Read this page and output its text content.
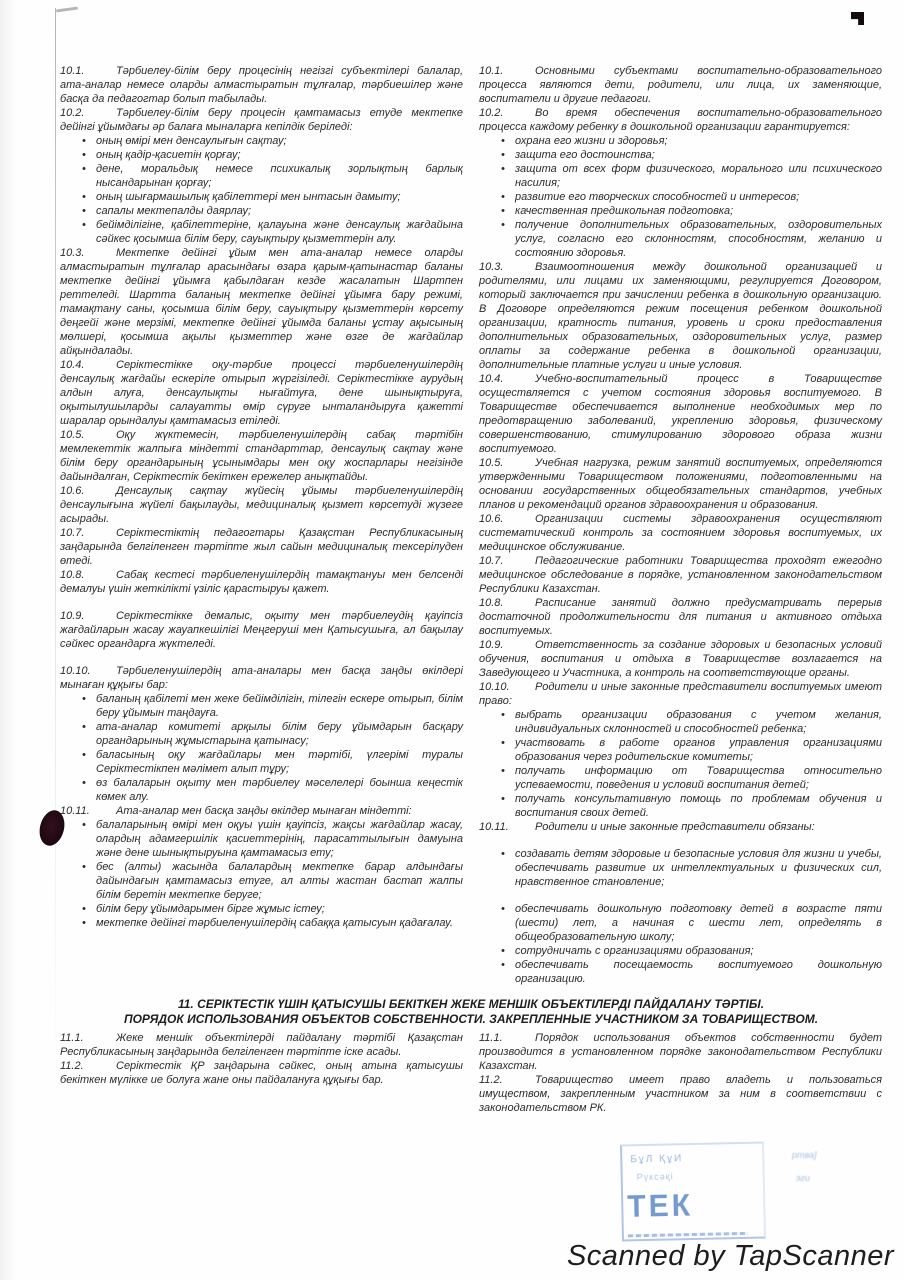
10.1.	Тәрбиелеу-білім беру процесінің негізгі субъектілері балалар, ата-аналар немесе оларды алмастыратын тұлғалар, тәрбиешілер және басқа да педагогтар болып табылады.

10.2.	Тәрбиелеу-білім беру процесін қамтамасыз етуде мектепке дейінгі ұйымдағы әр балаға мыналарға кепілдік беріледі:

• оның өмірі мен денсаулығын сақтау;
• оның қадір-қасиетін қорғау;
• дене, моральдық немесе психикалық зорлықтың барлық нысандарынан қорғау;
• оның шығармашылық қабілеттері мен ынтасын дамыту;
• сапалы мектепалды даярлау;
• бейімділігіне, қабілеттеріне, қалауына және денсаулық жағдайына сәйкес қосымша білім беру, сауықтыру қызметтерін алу.

10.3.	Мектепке дейінгі ұйым мен ата-аналар немесе оларды алмастыратын тұлғалар арасындағы өзара қарым-қатынастар баланы мектепке дейінгі ұйымға қабылдаған кезде жасалатын Шартпен реттеледі. Шартта баланың мектепке дейінгі ұйымға бару режимі, тамақтану саны, қосымша білім беру, сауықтыру қызметтерін көрсету деңгейі және мерзімі, мектепке дейінгі ұйымда баланы ұстау ақысының мөлшері, қосымша ақылы қызметтер және өзге де жағдайлар айқындалады.

10.4.	Серіктестікке оқу-тәрбие процессі тәрбиеленушілердің денсаулық жағдайы ескеріле отырып жүргізіледі. Серіктестікке аурудың алдын алуға, денсаулықты нығайтуға, дене шынықтыруға, оқытылушыларды салауатты өмір сүруге ынталандыруға қажетті шаралар орындалуы қамтамасыз етіледі.

10.5.	Оқу жүктемесін, тәрбиеленушілердің сабақ тәртібін мемлекеттік жалпыға міндетті стандарттар, денсаулық сақтау және білім беру органдарының ұсынымдары мен оқу жоспарлары негізінде дайындалған, Серіктестік бекіткен ережелер анықтайды.

10.6.	Денсаулық сақтау жүйесің ұйымы тәрбиеленушілердің денсаулығына жүйелі бақылауды, медициналық қызмет көрсетуді жүзеге асырады.

10.7.	Серіктестіктің педагогтары Қазақстан Республикасының заңдарында белгіленген тәртіпте жыл сайын медициналық тексерілуден өтеді.

10.8.	Сабақ кестесі тәрбиеленушілердің тамақтануы мен белсенді демалуы үшін жеткілікті үзіліс қарастыруы қажет.

10.9.	Серіктестікке демалыс, оқыту мен тәрбиелеудің қауіпсіз жағдайларын жасау жауапкешілігі Меңгеруші мен Қатысушыға, ал бақылау сәйкес органдарға жүктеледі.

10.10. Тәрбиеленушілердің ата-аналары мен басқа заңды өкілдері мынаған құқығы бар:

• баланың қабілеті мен жеке бейімділігін, тілегін ескере отырып, білім беру ұйымын таңдауға.
• ата-аналар комитеті арқылы білім беру ұйымдарын басқару органдарының жұмыстарына қатынасу;
• баласының оқу жағдайлары мен тәртібі, үлгерімі туралы Серіктестікпен мәлімет алып тұру;
• өз балаларын оқыту мен тәрбиелеу мәселелері боынша кеңестік көмек алу.

10.11. Ата-аналар мен басқа заңды өкілдер мынаған міндетті:

• балаларының өмірі мен оқуы үшін қауіпсіз, жақсы жағдайлар жасау, олардың адамгершілік қасиеттерінің, парасаттылығын дамуына және дене шынықтыруына қамтамасыз ету;
• бес (алты) жасында балалардың мектепке барар алдындағы дайындағын қамтамасыз етуге, ал алты жастан бастап жалпы білім беретін мектепке беруге;
• білім беру ұйымдарымен бірге жұмыс істеу;
• мектепке дейінгі тәрбиеленушілердің сабаққа қатысуын қадағалау.

10.1.	Основными субъектами воспитательно-образовательного процесса являются дети, родители, или лица, их заменяющие, воспитатели и другие педагоги.

10.2.	Во время обеспечения воспитательно-образовательного процесса каждому ребенку в дошкольной организации гарантируется:

• охрана его жизни и здоровья;
• защита его достоинства;
• защита от всех форм физического, морального или психического насилия;
• развитие его творческих способностей и интересов;
• качественная предшкольная подготовка;
• получение дополнительных образовательных, оздоровительных услуг, согласно его склонностям, способностям, желанию и состоянию здоровья.

10.3.	Взаимоотношения между дошкольной организацией и родителями, или лицами их заменяющими, регулируется Договором, который заключается при зачислении ребенка в дошкольную организацию. В Договоре определяются режим посещения ребенком дошкольной организации, кратность питания, уровень и сроки предоставления дополнительных образовательных, оздоровительных услуг, размер оплаты за содержание ребенка в дошкольной организации, дополнительные платные услуги и иные условия.

10.4.	Учебно-воспитательный процесс в Товариществе осуществляется с учетом состояния здоровья воспитуемого. В Товариществе обеспечивается выполнение необходимых мер по предотвращению заболеваний, укреплению здоровья, физическому совершенствованию, стимулированию здорового образа жизни воспитуемого.

10.5.	Учебная нагрузка, режим занятий воспитуемых, определяются утвержденными Товариществом положениями, подготовленными на основании государственных общеобязательных стандартов, учебных планов и рекомендаций органов здравоохранения и образования.

10.6.	Организации системы здравоохранения осуществляют систематический контроль за состоянием здоровья воспитуемых, их медицинское обслуживание.

10.7.	Педагогические работники Товарищества проходят ежегодно медицинское обследование в порядке, установленном законодательством Республики Казахстан.

10.8.	Расписание занятий должно предусматривать перерыв достаточной продолжительности для питания и активного отдыха воспитуемых.

10.9.	Ответственность за создание здоровых и безопасных условий обучения, воспитания и отдыха в Товариществе возлагается на Заведующего и Участника, а контроль на соответствующие органы.

10.10. Родители и иные законные представители воспитуемых имеют право:

• выбрать организации образования с учетом желания, индивидуальных склонностей и способностей ребенка;
• участвовать в работе органов управления организациями образования через родительские комитеты;
• получать информацию от Товарищества относительно успеваемости, поведения и условий воспитания детей;
• получать консультативную помощь по проблемам обучения и воспитания своих детей.

10.11. Родители и иные законные представители обязаны:

• создавать детям здоровые и безопасные условия для жизни и учебы, обеспечивать развитие их интеллектуальных и физических сил, нравственное становление;
• обеспечивать дошкольную подготовку детей в возрасте пяти (шести) лет, а начиная с шести лет, определять в общеобразовательную школу;
• сотрудничать с организациями образования;
• обеспечивать посещаемость воспитуемого дошкольную организацию.
11. СЕРІКТЕСТІК ҮШІН ҚАТЫСУШЫ БЕКІТКЕН ЖЕКЕ МЕНШІК ОБЪЕКТІЛЕРДІ ПАЙДАЛАНУ ТӘРТІБІ.
ПОРЯДОК ИСПОЛЬЗОВАНИЯ ОБЪЕКТОВ СОБСТВЕННОСТИ. ЗАКРЕПЛЕННЫЕ УЧАСТНИКОМ ЗА ТОВАРИЩЕСТВОМ.

11.1.	Жеке меншік объектілерді пайдалану тәртібі Қазақстан Республикасының заңдарында белгіленген тәртіпте іске асады.

11.2.	Серіктестік ҚР заңдарына сәйкес, оның атына қатысушы бекіткен мүлікке ие болуға жане оны пайдалануға құқығы бар.

11.1.	Порядок использования объектов собственности будет производится в установленном порядке законодательством Республики Казахстан.

11.2.	Товарищество имеет право владеть и пользоваться имуществом, закрепленным участником за ним в соответствии с законодательством РК.

БұЛ ҚұИ
Рүксәқі
ТЕК
ртва]
эги
Scanned by TapScanner
